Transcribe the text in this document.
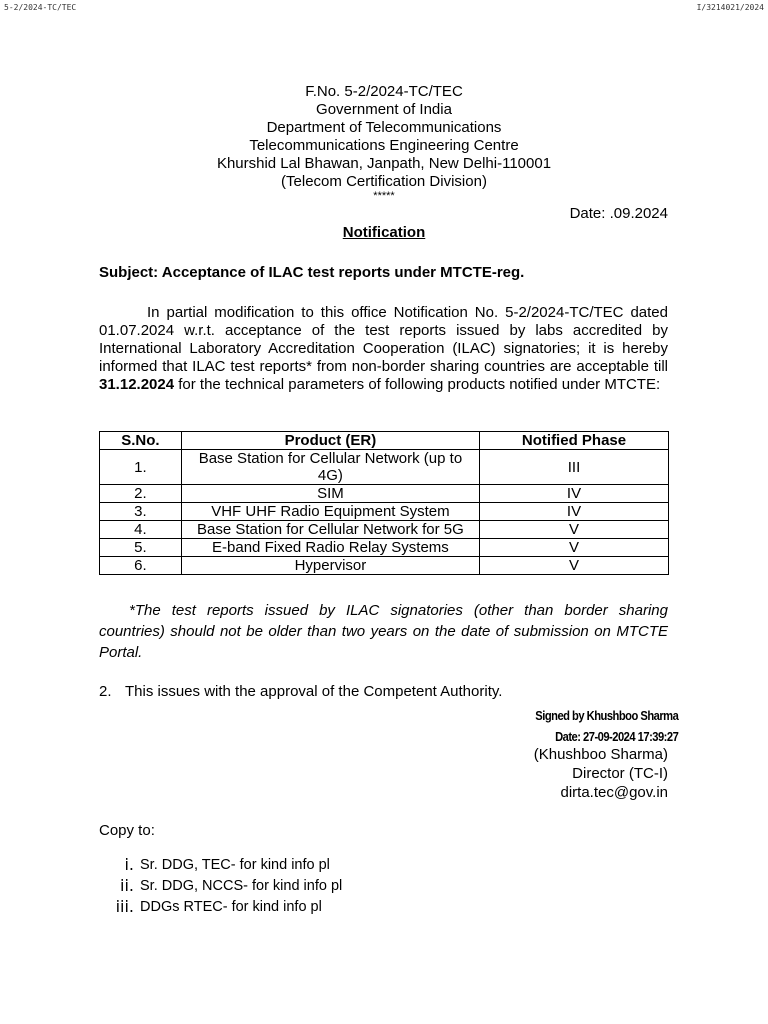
5-2/2024-TC/TEC	I/3214021/2024
F.No. 5-2/2024-TC/TEC
Government of India
Department of Telecommunications
Telecommunications Engineering Centre
Khurshid Lal Bhawan, Janpath, New Delhi-110001
(Telecom Certification Division)
*****
Date: .09.2024
Notification
Subject: Acceptance of ILAC test reports under MTCTE-reg.
In partial modification to this office Notification No. 5-2/2024-TC/TEC dated 01.07.2024 w.r.t. acceptance of the test reports issued by labs accredited by International Laboratory Accreditation Cooperation (ILAC) signatories; it is hereby informed that ILAC test reports* from non-border sharing countries are acceptable till 31.12.2024 for the technical parameters of following products notified under MTCTE:
S.No.	Product (ER)	Notified Phase
1.	Base Station for Cellular Network (up to 4G)	III
2.	SIM	IV
3.	VHF UHF Radio Equipment System	IV
4.	Base Station for Cellular Network for 5G	V
5.	E-band Fixed Radio Relay Systems	V
6.	Hypervisor	V
*The test reports issued by ILAC signatories (other than border sharing countries) should not be older than two years on the date of submission on MTCTE Portal.
2. This issues with the approval of the Competent Authority.
Signed by Khushboo Sharma
Date: 27-09-2024 17:39:27
(Khushboo Sharma)
Director (TC-I)
dirta.tec@gov.in
Copy to:
i. Sr. DDG, TEC- for kind info pl
ii. Sr. DDG, NCCS- for kind info pl
iii. DDGs RTEC- for kind info pl
